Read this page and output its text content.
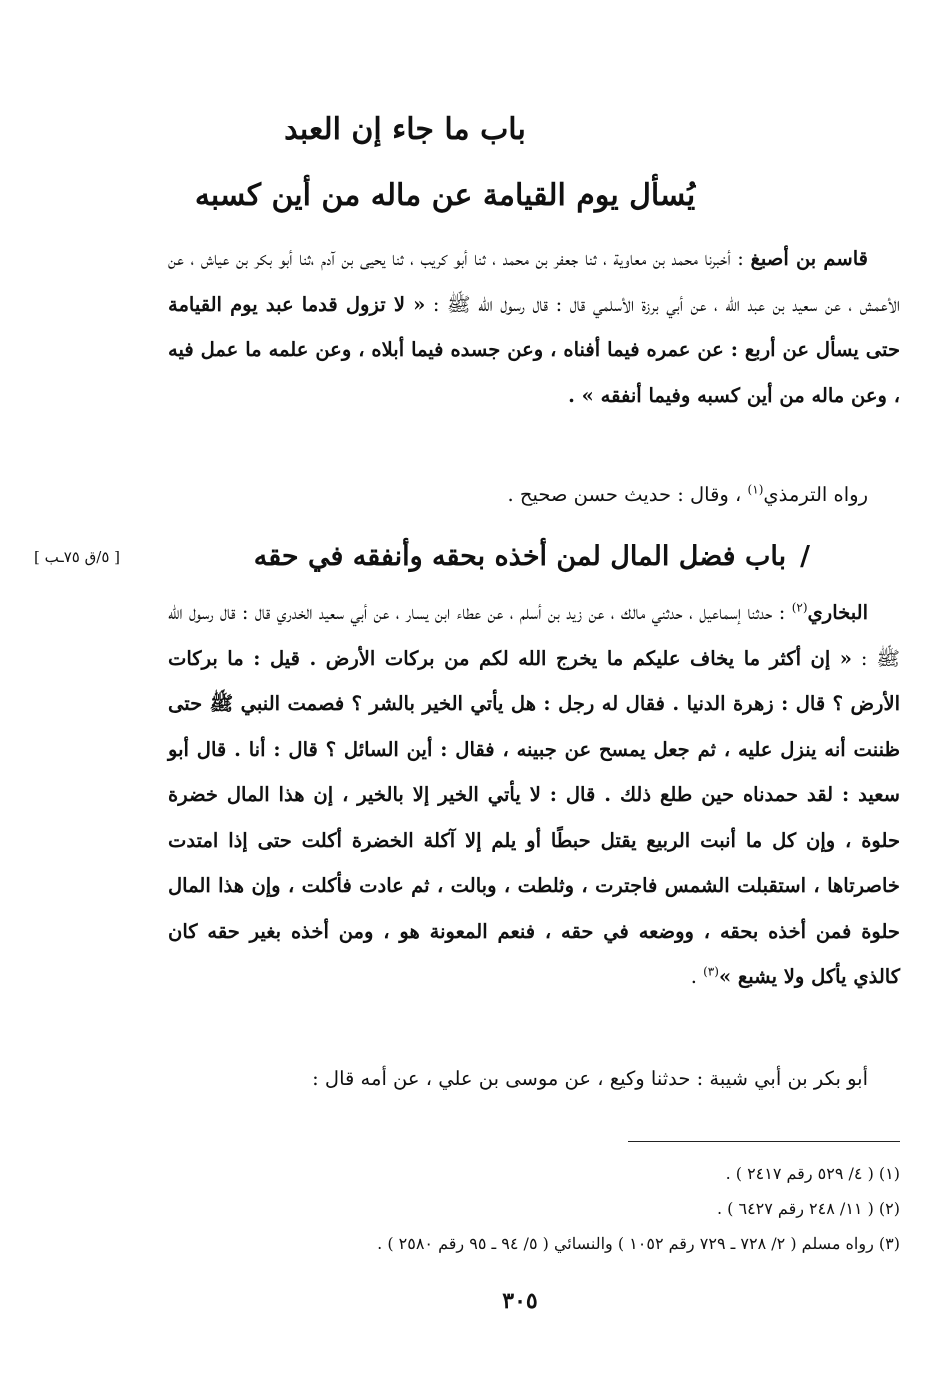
باب ما جاء إن العبد
يُسأل يوم القيامة عن ماله من أين كسبه
قاسم بن أصبغ : أخبرنا محمد بن معاوية ، ثنا جعفر بن محمد ، ثنا أبو كريب ، ثنا يحيى بن آدم ،ثنا أبو بكر بن عياش ، عن الأعمش ، عن سعيد بن عبد الله ، عن أبي برزة الأسلمي قال : قال رسول الله ﷺ : « لا تزول قدما عبد يوم القيامة حتى يسأل عن أربع : عن عمره فيما أفناه ، وعن جسده فيما أبلاه ، وعن علمه ما عمل فيه ، وعن ماله من أين كسبه وفيما أنفقه » .
رواه الترمذي$^{(١)}$ ، وقال : حديث حسن صحيح .
[ ٥/ق ٧٥ـب ]	/باب فضل المال لمن أخذه بحقه وأنفقه في حقه
البخاري$^{(٢)}$ : حدثنا إسماعيل ، حدثني مالك ، عن زيد بن أسلم ، عن عطاء ابن يسار ، عن أبي سعيد الخدري قال : قال رسول الله ﷺ : « إن أكثر ما يخاف عليكم ما يخرج الله لكم من بركات الأرض . قيل : ما بركات الأرض ؟ قال : زهرة الدنيا . فقال له رجل : هل يأتي الخير بالشر ؟ فصمت النبي ﷺ حتى ظننت أنه ينزل عليه ، ثم جعل يمسح عن جبينه ، فقال : أين السائل ؟ قال : أنا . قال أبو سعيد : لقد حمدناه حين طلع ذلك . قال : لا يأتي الخير إلا بالخير ، إن هذا المال خضرة حلوة ، وإن كل ما أنبت الربيع يقتل حبطًا أو يلم إلا آكلة الخضرة أكلت حتى إذا امتدت خاصرتاها ، استقبلت الشمس فاجترت ، وثلطت ، وبالت ، ثم عادت فأكلت ، وإن هذا المال حلوة فمن أخذه بحقه ، ووضعه في حقه ، فنعم المعونة هو ، ومن أخذه بغير حقه كان كالذي يأكل ولا يشبع »$^{(٣)}$ .
أبو بكر بن أبي شيبة : حدثنا وكيع ، عن موسى بن علي ، عن أمه قال :
(١) ( ٤/ ٥٢٩ رقم ٢٤١٧ ) .
(٢) ( ١١/ ٢٤٨ رقم ٦٤٢٧ ) .
(٣) رواه مسلم ( ٢/ ٧٢٨ ـ ٧٢٩ رقم ١٠٥٢ ) والنسائي ( ٥/ ٩٤ ـ ٩٥ رقم ٢٥٨٠ ) .
٣٠٥
